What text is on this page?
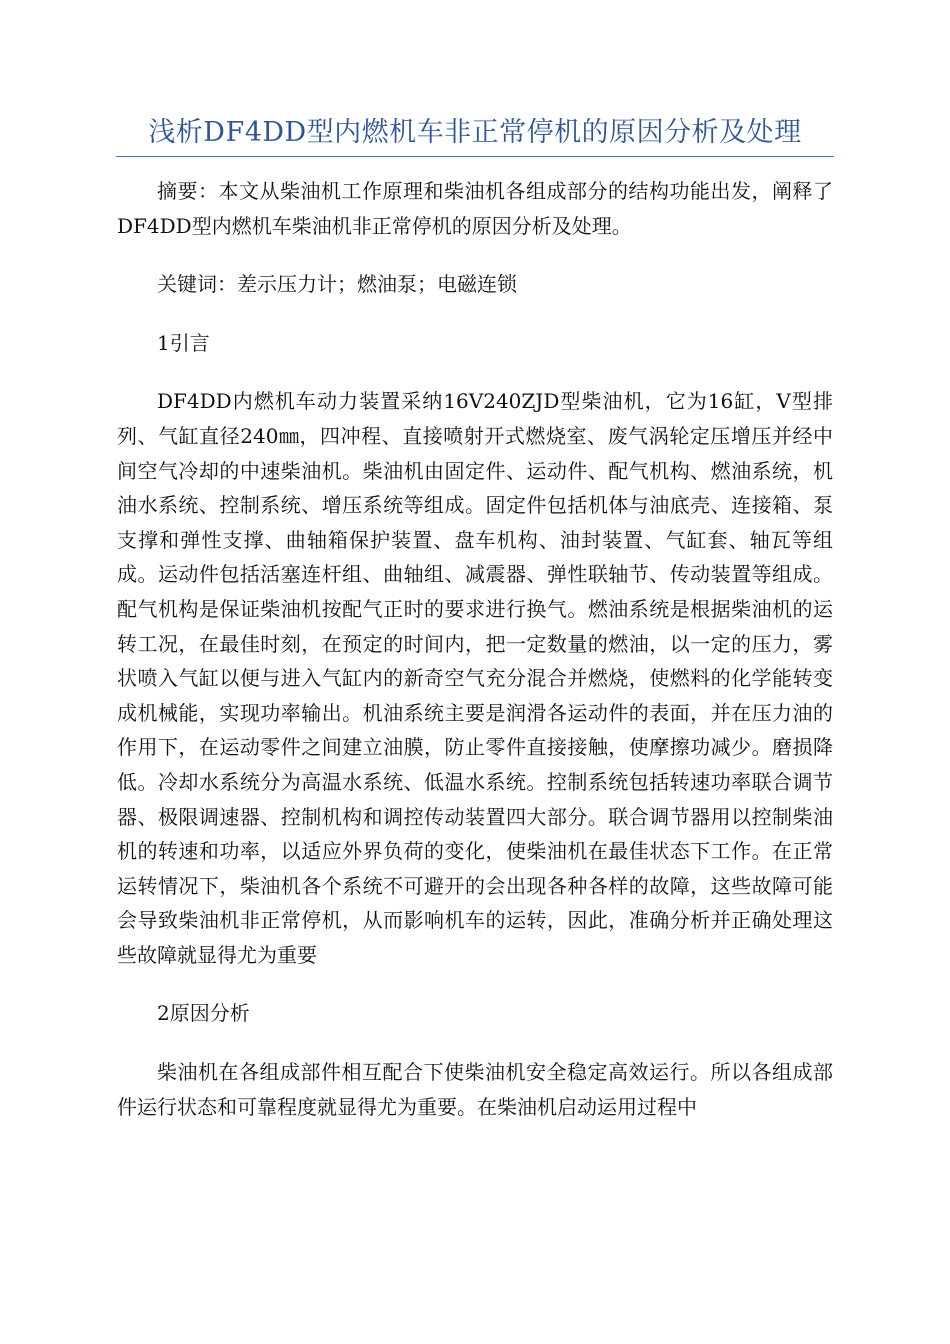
浅析DF4DD型内燃机车非正常停机的原因分析及处理

摘要：本文从柴油机工作原理和柴油机各组成部分的结构功能出发，阐释了DF4DD型内燃机车柴油机非正常停机的原因分析及处理。

关键词：差示压力计；燃油泵；电磁连锁

1引言

DF4DD内燃机车动力装置采纳16V240ZJD型柴油机，它为16缸，V型排列、气缸直径240㎜，四冲程、直接喷射开式燃烧室、废气涡轮定压增压并经中间空气冷却的中速柴油机。柴油机由固定件、运动件、配气机构、燃油系统，机油水系统、控制系统、增压系统等组成。固定件包括机体与油底壳、连接箱、泵支撑和弹性支撑、曲轴箱保护装置、盘车机构、油封装置、气缸套、轴瓦等组成。运动件包括活塞连杆组、曲轴组、减震器、弹性联轴节、传动装置等组成。配气机构是保证柴油机按配气正时的要求进行换气。燃油系统是根据柴油机的运转工况，在最佳时刻，在预定的时间内，把一定数量的燃油，以一定的压力，雾状喷入气缸以便与进入气缸内的新奇空气充分混合并燃烧，使燃料的化学能转变成机械能，实现功率输出。机油系统主要是润滑各运动件的表面，并在压力油的作用下，在运动零件之间建立油膜，防止零件直接接触，使摩擦功减少。磨损降低。冷却水系统分为高温水系统、低温水系统。控制系统包括转速功率联合调节器、极限调速器、控制机构和调控传动装置四大部分。联合调节器用以控制柴油机的转速和功率，以适应外界负荷的变化，使柴油机在最佳状态下工作。在正常运转情况下，柴油机各个系统不可避开的会出现各种各样的故障，这些故障可能会导致柴油机非正常停机，从而影响机车的运转，因此，准确分析并正确处理这些故障就显得尤为重要

2原因分析

柴油机在各组成部件相互配合下使柴油机安全稳定高效运行。所以各组成部件运行状态和可靠程度就显得尤为重要。在柴油机启动运用过程中
